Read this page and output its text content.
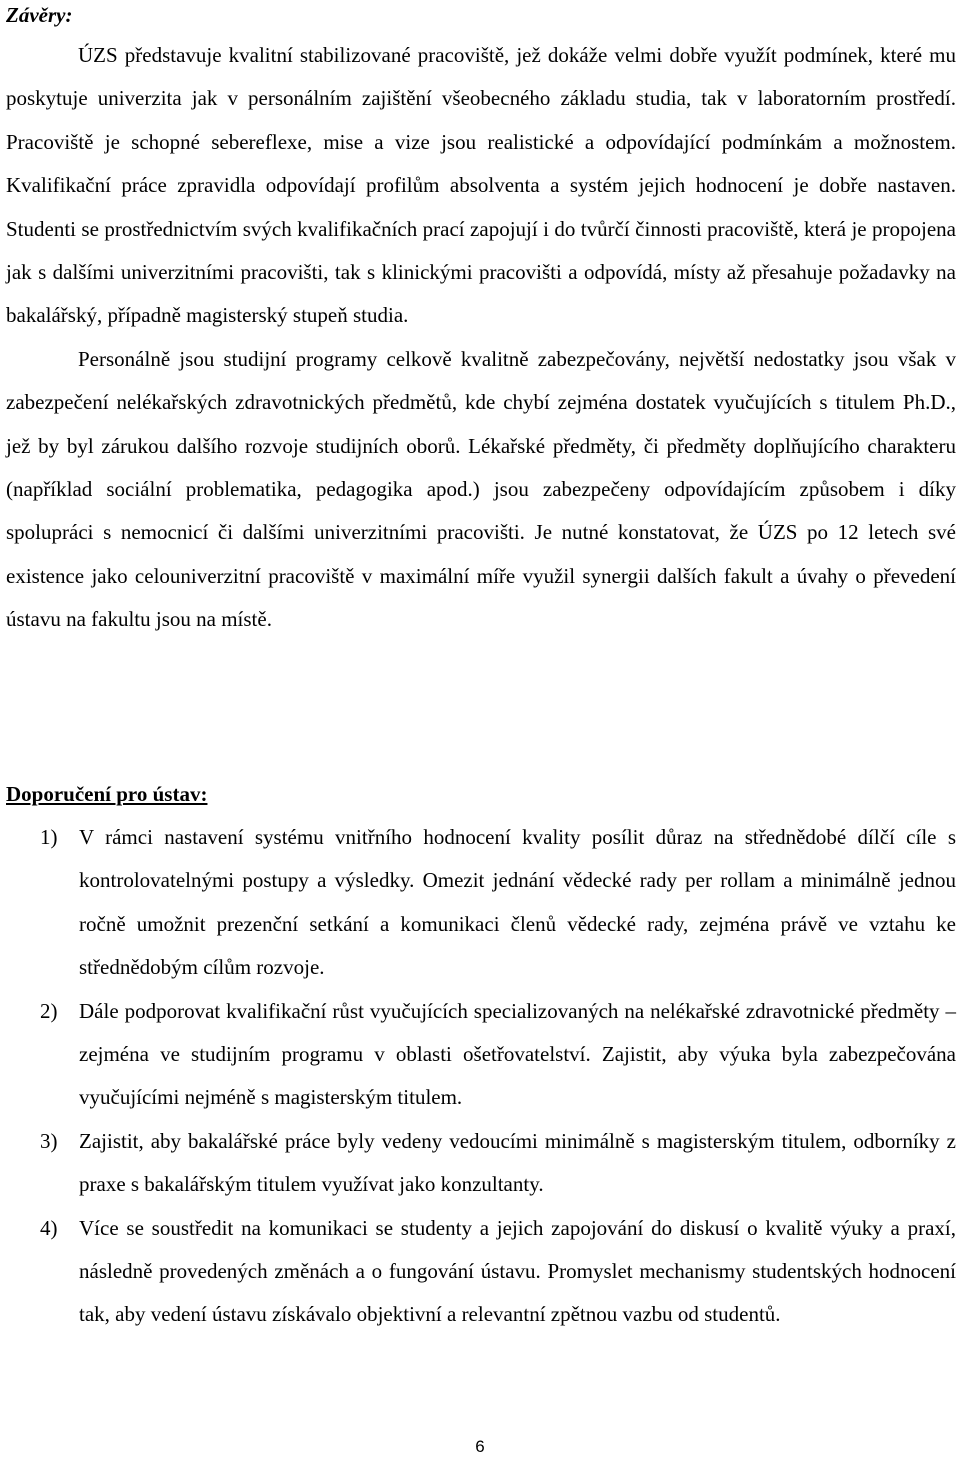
Závěry:

ÚZS představuje kvalitní stabilizované pracoviště, jež dokáže velmi dobře využít podmínek, které mu poskytuje univerzita jak v personálním zajištění všeobecného základu studia, tak v laboratorním prostředí. Pracoviště je schopné sebereflexe, mise a vize jsou realistické a odpovídající podmínkám a možnostem. Kvalifikační práce zpravidla odpovídají profilům absolventa a systém jejich hodnocení je dobře nastaven. Studenti se prostřednictvím svých kvalifikačních prací zapojují i do tvůrčí činnosti pracoviště, která je propojena jak s dalšími univerzitními pracovišti, tak s klinickými pracovišti a odpovídá, místy až přesahuje požadavky na bakalářský, případně magisterský stupeň studia.

Personálně jsou studijní programy celkově kvalitně zabezpečovány, největší nedostatky jsou však v zabezpečení nelékařských zdravotnických předmětů, kde chybí zejména dostatek vyučujících s titulem Ph.D., jež by byl zárukou dalšího rozvoje studijních oborů. Lékařské předměty, či předměty doplňujícího charakteru (například sociální problematika, pedagogika apod.) jsou zabezpečeny odpovídajícím způsobem i díky spolupráci s nemocnicí či dalšími univerzitními pracovišti. Je nutné konstatovat, že ÚZS po 12 letech své existence jako celouniverzitní pracoviště v maximální míře využil synergii dalších fakult a úvahy o převedení ústavu na fakultu jsou na místě.

Doporučení pro ústav:
1) V rámci nastavení systému vnitřního hodnocení kvality posílit důraz na střednědobé dílčí cíle s kontrolovatelnými postupy a výsledky. Omezit jednání vědecké rady per rollam a minimálně jednou ročně umožnit prezenční setkání a komunikaci členů vědecké rady, zejména právě ve vztahu ke střednědobým cílům rozvoje.
2) Dále podporovat kvalifikační růst vyučujících specializovaných na nelékařské zdravotnické předměty – zejména ve studijním programu v oblasti ošetřovatelství. Zajistit, aby výuka byla zabezpečována vyučujícími nejméně s magisterským titulem.
3) Zajistit, aby bakalářské práce byly vedeny vedoucími minimálně s magisterským titulem, odborníky z praxe s bakalářským titulem využívat jako konzultanty.
4) Více se soustředit na komunikaci se studenty a jejich zapojování do diskusí o kvalitě výuky a praxí, následně provedených změnách a o fungování ústavu. Promyslet mechanismy studentských hodnocení tak, aby vedení ústavu získávalo objektivní a relevantní zpětnou vazbu od studentů.
6
